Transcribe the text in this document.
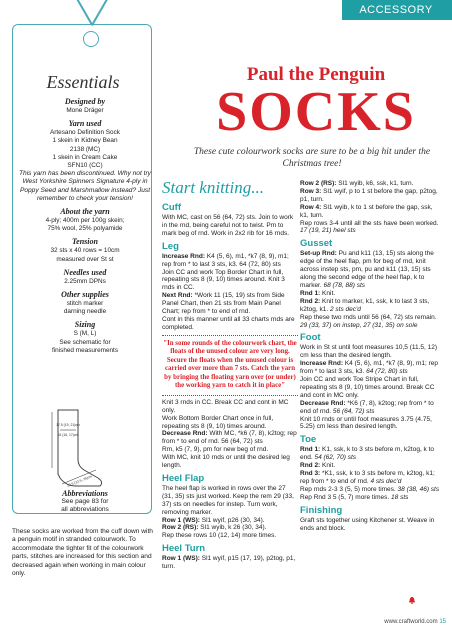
ACCESSORY
Essentials
Designed by
Mone Dräger
Yarn used
Artesano Definition Sock
1 skein in Kidney Bean
2138 (MC)
1 skein in Cream Cake
SFN10 (CC)
This yarn has been discontinued. Why not try West Yorkshire Spinners Signature 4-ply in Poppy Seed and Marshmallow instead? Just remember to check your tension!
About the yarn
4-ply; 400m per 100g skein;
75% wool, 25% polyamide
Tension
32 sts x 40 rows = 10cm
measured over St st
Needles used
2.25mm DPNs
Other supplies
stitch marker
darning needle
Sizing
S (M, L)
See schematic for
finished measurements
17.5 (19, 21)cm
15 (16, 17)cm
20.5 (22.5, 25)cm
Abbreviations
See page 83 for
all abbreviations
These socks are worked from the cuff down with a penguin motif in stranded colourwork. To accommodate the tighter fit of the colourwork parts, stitches are increased for this section and decreased again when working in main colour only.
Paul the Penguin
SOCKS
These cute colourwork socks are sure to be a big hit under the Christmas tree!
Start knitting...
Cuff

With MC, cast on 56 (64, 72) sts. Join to work in the rnd, being careful not to twist. Pm to mark beg of rnd. Work in 2x2 rib for 16 rnds.

Leg

Increase Rnd: K4 (5, 6), m1, *k7 (8, 9), m1; rep from * to last 3 sts, k3. 64 (72, 80) sts

Join CC and work Top Border Chart in full, repeating sts 8 (9, 10) times around. Knit 3 rnds in CC.

Next Rnd: *Work 11 (15, 19) sts from Side Panel Chart, then 21 sts from Main Panel Chart; rep from * to end of rnd.

Cont in this manner until all 33 charts rnds are completed.

"In some rounds of the colourwork chart, the floats of the unused colour are very long. Secure the floats when the unused colour is carried over more than 7 sts. Catch the yarn by bringing the floating yarn over (or under) the working yarn to catch it in place"

Knit 3 rnds in CC. Break CC and cont in MC only.

Work Bottom Border Chart once in full, repeating sts 8 (9, 10) times around.

Decrease Rnd: With MC, *k6 (7, 8), k2tog; rep from * to end of rnd. 56 (64, 72) sts

Rm, k5 (7, 9), pm for new beg of rnd.

With MC, knit 10 rnds or until the desired leg length.

Heel Flap

The heel flap is worked in rows over the 27 (31, 35) sts just worked. Keep the rem 29 (33, 37) sts on needles for instep. Turn work, removing marker.

Row 1 (WS): Sl1 wyif, p26 (30, 34).

Row 2 (RS): Sl1 wyib, k 26 (30, 34).

Rep these rows 10 (12, 14) more times.

Heel Turn

Row 1 (WS): Sl1 wyif, p15 (17, 19), p2tog, p1, turn.

Row 2 (RS): Sl1 wyib, k6, ssk, k1, turn.

Row 3: Sl1 wyif, p to 1 st before the gap, p2tog, p1, turn.

Row 4: Sl1 wyib, k to 1 st before the gap, ssk, k1, turn.

Rep rows 3-4 until all the sts have been worked. 17 (19, 21) heel sts

Gusset

Set-up Rnd: Pu and k11 (13, 15) sts along the edge of the heel flap, pm for beg of rnd, knit across instep sts, pm, pu and k11 (13, 15) sts along the second edge of the heel flap, k to marker. 68 (78, 88) sts

Rnd 1: Knit.

Rnd 2: Knit to marker, k1, ssk, k to last 3 sts, k2tog, k1. 2 sts dec'd

Rep these two rnds until 56 (64, 72) sts remain. 29 (33, 37) on instep, 27 (31, 35) on sole

Foot

Work in St st until foot measures 10,5 (11.5, 12) cm less than the desired length.

Increase Rnd: K4 (5, 6), m1, *k7 (8, 9), m1; rep from * to last 3 sts, k3. 64 (72, 80) sts

Join CC and work Toe Stripe Chart in full, repeating sts 8 (9, 10) times around. Break CC and cont in MC only.

Decrease Rnd: *K6 (7, 8), k2tog; rep from * to end of rnd. 56 (64, 72) sts

Knit 10 rnds or until foot measures 3.75 (4.75, 5.25) cm less than desired length.

Toe

Rnd 1: K1, ssk, k to 3 sts before m, k2tog, k to end. 54 (62, 70) sts

Rnd 2: Knit.

Rnd 3: *K1, ssk, k to 3 sts before m, k2tog, k1; rep from * to end of rnd. 4 sts dec'd

Rep rnds 2-3 3 (5, 5) more times. 38 (38, 46) sts

Rep Rnd 3 5 (5, 7) more times. 18 sts

Finishing

Graft sts together using Kitchener st. Weave in ends and block.

www.craftworld.com 15
